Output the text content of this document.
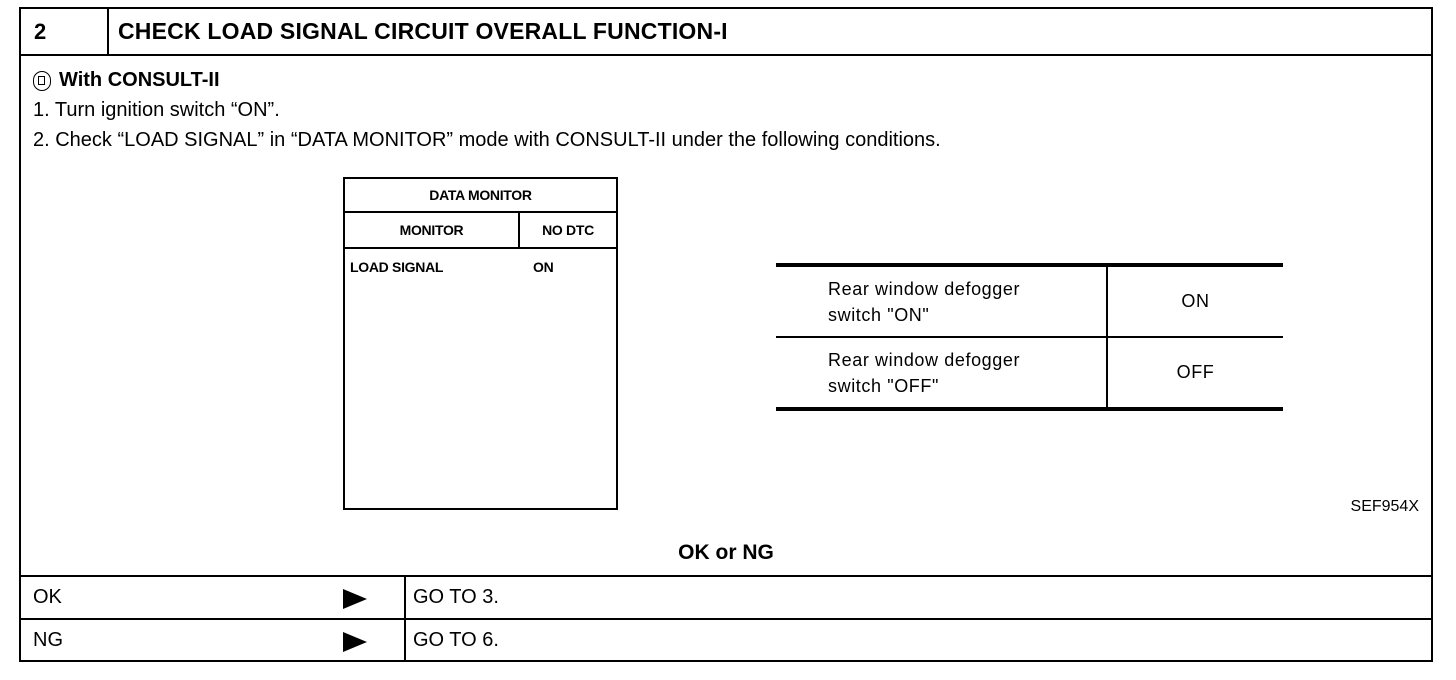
2	CHECK LOAD SIGNAL CIRCUIT OVERALL FUNCTION-I
With CONSULT-II
1. Turn ignition switch “ON”.
2. Check “LOAD SIGNAL” in “DATA MONITOR” mode with CONSULT-II under the following conditions.
DATA MONITOR
MONITOR	NO DTC
LOAD SIGNAL	ON
Rear window defogger
switch "ON"
ON
Rear window defogger
switch "OFF"
OFF
SEF954X
OK or NG
OK	GO TO 3.
NG	GO TO 6.
